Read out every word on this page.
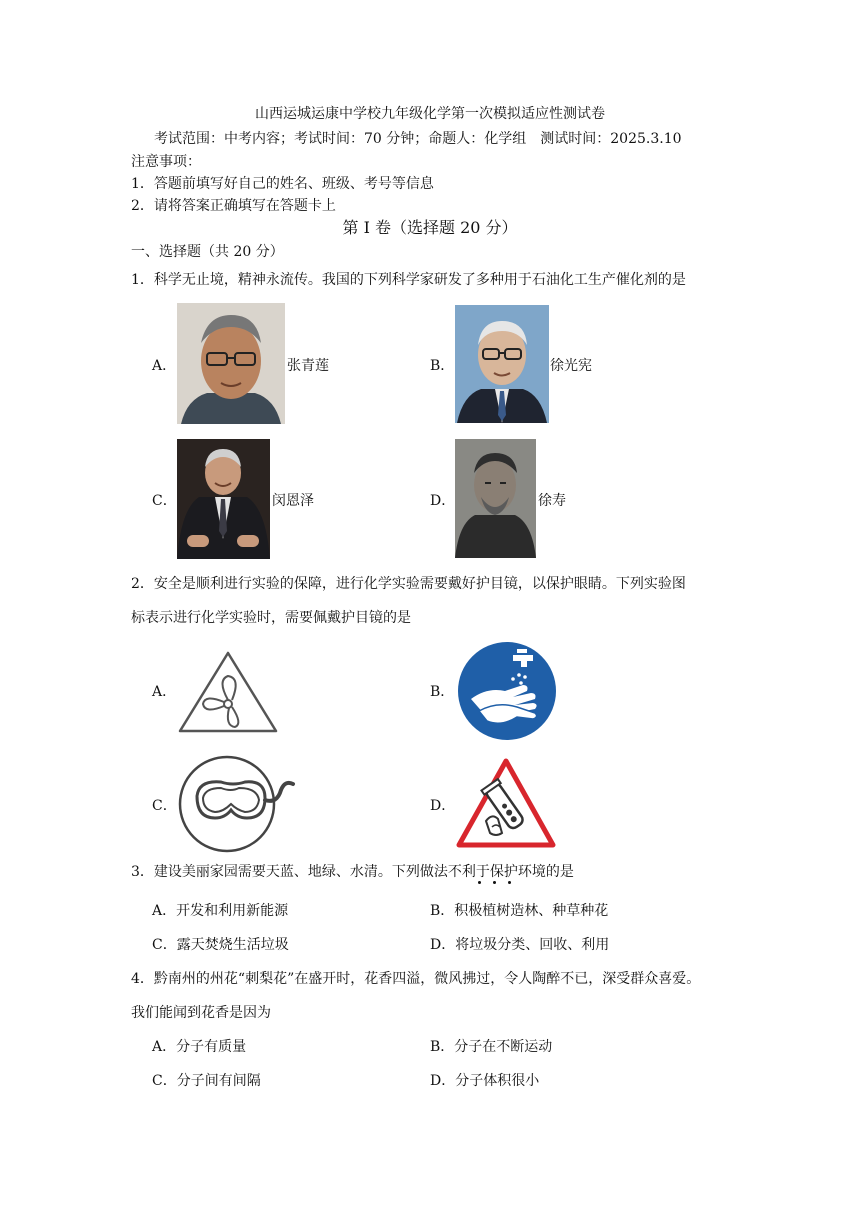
山西运城运康中学校九年级化学第一次模拟适应性测试卷
考试范围：中考内容；考试时间：70 分钟；命题人：化学组　测试时间：2025.3.10
注意事项：
1．答题前填写好自己的姓名、班级、考号等信息
2．请将答案正确填写在答题卡上
第 I 卷（选择题 20 分）
一、选择题（共 20 分）
1．科学无止境，精神永流传。我国的下列科学家研发了多种用于石油化工生产催化剂的是
A．	张青莲	B．	徐光宪
C．	闵恩泽	D．	徐寿
2．安全是顺利进行实验的保障，进行化学实验需要戴好护目镜，以保护眼睛。下列实验图
标表示进行化学实验时，需要佩戴护目镜的是
A．	B．
C．	D．
3．建设美丽家园需要天蓝、地绿、水清。下列做法不利于保护环境的是
A．开发和利用新能源	B．积极植树造林、种草种花
C．露天焚烧生活垃圾	D．将垃圾分类、回收、利用
4．黔南州的州花“刺梨花”在盛开时，花香四溢，微风拂过，令人陶醉不已，深受群众喜爱。
我们能闻到花香是因为
A．分子有质量	B．分子在不断运动
C．分子间有间隔	D．分子体积很小
